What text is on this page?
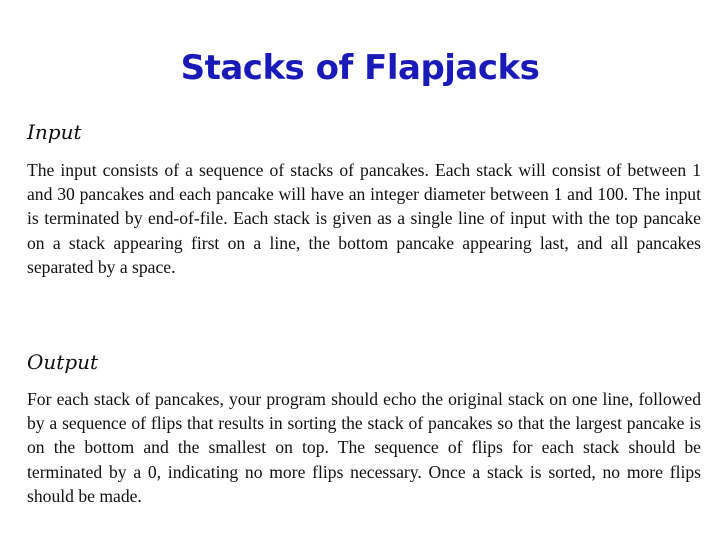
Stacks of Flapjacks
Input

The input consists of a sequence of stacks of pancakes. Each stack will consist of between 1 and 30 pancakes and each pancake will have an integer diameter between 1 and 100. The input is terminated by end-of-file. Each stack is given as a single line of input with the top pancake on a stack appearing first on a line, the bottom pancake appearing last, and all pancakes separated by a space.

Output

For each stack of pancakes, your program should echo the original stack on one line, followed by a sequence of flips that results in sorting the stack of pancakes so that the largest pancake is on the bottom and the smallest on top. The sequence of flips for each stack should be terminated by a 0, indicating no more flips necessary. Once a stack is sorted, no more flips should be made.
